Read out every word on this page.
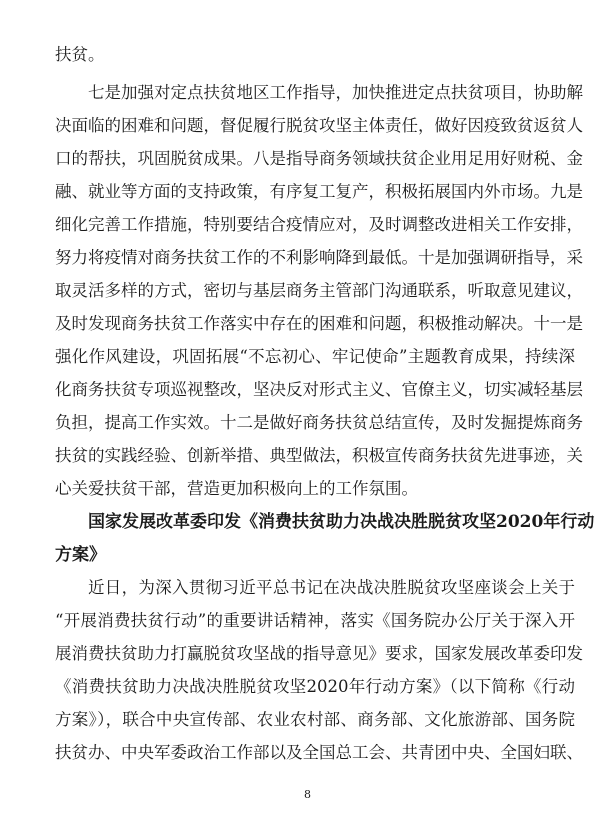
扶贫。
七是加强对定点扶贫地区工作指导，加快推进定点扶贫项目，协助解
决面临的困难和问题，督促履行脱贫攻坚主体责任，做好因疫致贫返贫人
口的帮扶，巩固脱贫成果。八是指导商务领域扶贫企业用足用好财税、金
融、就业等方面的支持政策，有序复工复产，积极拓展国内外市场。九是
细化完善工作措施，特别要结合疫情应对，及时调整改进相关工作安排，
努力将疫情对商务扶贫工作的不利影响降到最低。十是加强调研指导，采
取灵活多样的方式，密切与基层商务主管部门沟通联系，听取意见建议，
及时发现商务扶贫工作落实中存在的困难和问题，积极推动解决。十一是
强化作风建设，巩固拓展“不忘初心、牢记使命”主题教育成果，持续深
化商务扶贫专项巡视整改，坚决反对形式主义、官僚主义，切实减轻基层
负担，提高工作实效。十二是做好商务扶贫总结宣传，及时发掘提炼商务
扶贫的实践经验、创新举措、典型做法，积极宣传商务扶贫先进事迹，关
心关爱扶贫干部，营造更加积极向上的工作氛围。
国家发展改革委印发《消费扶贫助力决战决胜脱贫攻坚2020年行动
方案》
近日，为深入贯彻习近平总书记在决战决胜脱贫攻坚座谈会上关于
“开展消费扶贫行动”的重要讲话精神，落实《国务院办公厅关于深入开
展消费扶贫助力打赢脱贫攻坚战的指导意见》要求，国家发展改革委印发
《消费扶贫助力决战决胜脱贫攻坚2020年行动方案》（以下简称《行动
方案》），联合中央宣传部、农业农村部、商务部、文化旅游部、国务院
扶贫办、中央军委政治工作部以及全国总工会、共青团中央、全国妇联、
8
